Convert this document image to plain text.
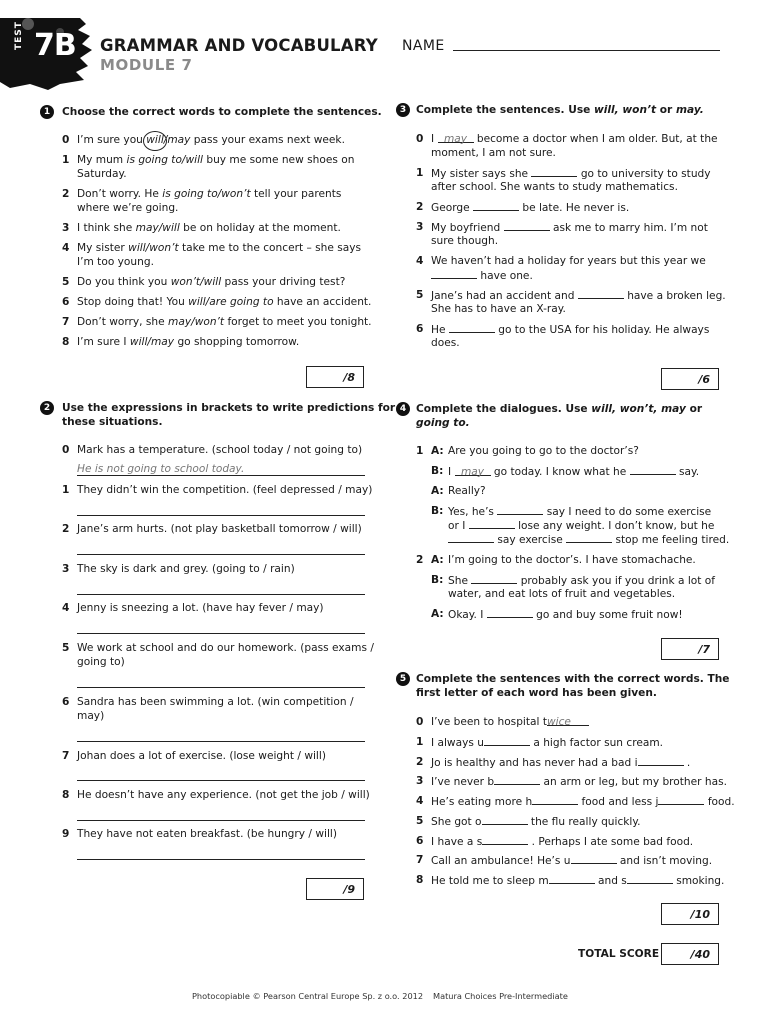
TEST 7B GRAMMAR AND VOCABULARY
MODULE 7
NAME
1	Choose the correct words to complete the sentences.
0 I’m sure you will/may
pass your exams next week.
1 My mum is going to/will buy me some new shoes on
Saturday.
2 Don’t worry. He is going to/won’t tell your parents
where we’re going.
3 I think she may/will be on holiday at the moment.
4 My sister will/won’t take me to the concert – she says
I’m too young.
5 Do you think you won’t/will pass your driving test?
6 Stop doing that! You will/are going to have an accident.
7 Don’t worry, she may/won’t forget to meet you tonight.
8 I’m sure I will/may go shopping tomorrow.
/8
2	Use the expressions in brackets to write predictions for
these situations.
0 Mark has a temperature. (school today / not going to)
He is not going to school today.
1 They didn’t win the competition. (feel depressed / may)
2 Jane’s arm hurts. (not play basketball tomorrow / will)
3 The sky is dark and grey. (going to / rain)
4 Jenny is sneezing a lot. (have hay fever / may)
5 We work at school and do our homework. (pass exams /
going to)
6 Sandra has been swimming a lot. (win competition /
may)
7 Johan does a lot of exercise. (lose weight / will)
8 He doesn’t have any experience. (not get the job / will)
9 They have not eaten breakfast. (be hungry / will)
/9
3 Complete the sentences. Use will, won’t or may.
0 I may become a doctor when I am older. But, at the
moment, I am not sure.
1 My sister says she	go to university to study
after school. She wants to study mathematics.
2 George	be late. He never is.
3 My boyfriend	ask me to marry him. I’m not
sure though.
4 We haven’t had a holiday for years but this year we
have one.
5 Jane’s had an accident and	have a broken leg.
She has to have an X-ray.
6 He	go to the USA for his holiday. He always
does.
/6
4 Complete the dialogues. Use will, won’t, may or
going to.
1 A: Are you going to go to the doctor’s?
B: I may go today. I know what he	say.
A: Really?
B: Yes, he’s	say I need to do some exercise
or I	lose any weight. I don’t know, but he
say exercise	stop me feeling tired.
2 A: I’m going to the doctor’s. I have stomachache.
B: She	probably ask you if you drink a lot of
water, and eat lots of fruit and vegetables.
A: Okay. I	go and buy some fruit now!
/7
5 Complete the sentences with the correct words. The
first letter of each word has been given.
0 I’ve been to hospital twice
1 I always u	a high factor sun cream.
2 Jo is healthy and has never had a bad i	.
3 I’ve never b	an arm or leg, but my brother has.
4 He’s eating more h	food and less j	food.
5 She got o	the flu really quickly.
6 I have a s	. Perhaps I ate some bad food.
7 Call an ambulance! He’s u	and isn’t moving.
8 He told me to sleep m	and s	smoking.
/10
TOTAL SCORE	/40
Photocopiable © Pearson Central Europe Sp. z o.o. 2012 Matura Choices Pre-Intermediate
